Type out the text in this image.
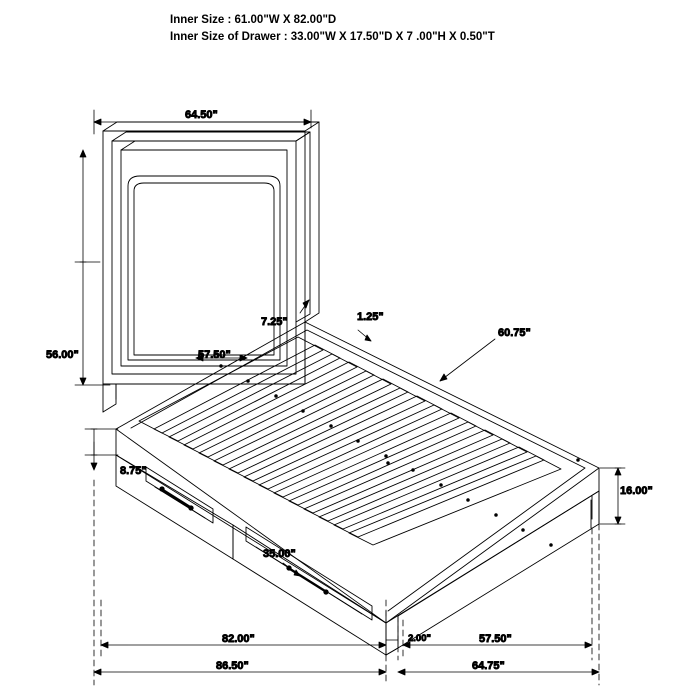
Inner Size : 61.00"W X 82.00"D
Inner Size of Drawer : 33.00"W X 17.50"D X 7 .00"H X 0.50"T
64.50"
56.00"
7.25"	1.25"
57.50"
60.75"
8.75"
35.00"
16.00"
82.00"
86.50"
2.00"	57.50"
64.75"
